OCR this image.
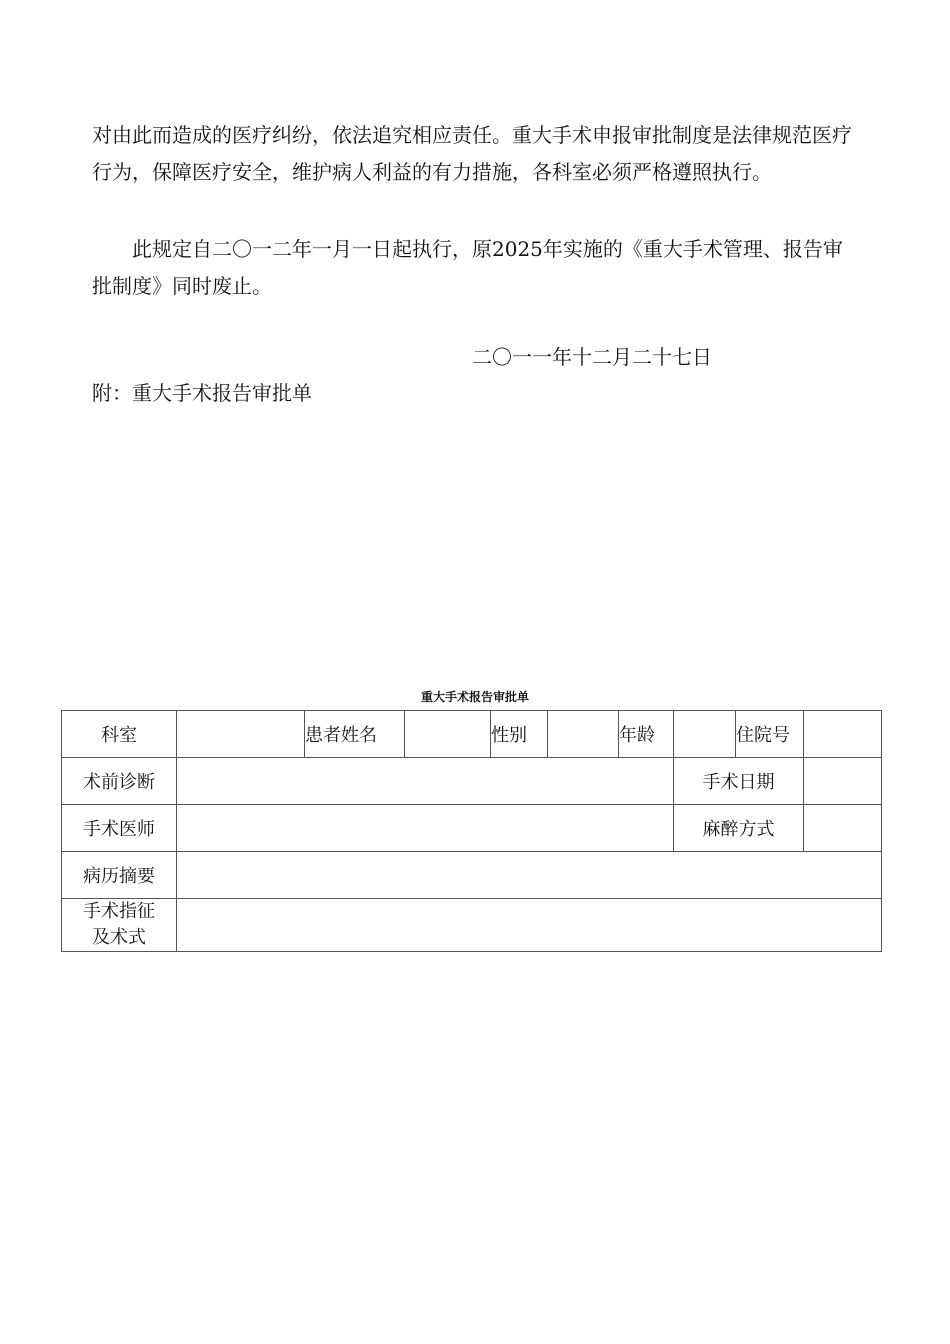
对由此而造成的医疗纠纷，依法追究相应责任。重大手术申报审批制度是法律规范医疗行为，保障医疗安全，维护病人利益的有力措施，各科室必须严格遵照执行。

　　此规定自二〇一二年一月一日起执行，原2025年实施的《重大手术管理、报告审批制度》同时废止。

二〇一一年十二月二十七日
附：重大手术报告审批单
重大手术报告审批单
科室		患者姓名		性别		年龄		住院号	
术前诊断							手术日期		
手术医师							麻醉方式		
病历摘要									

手术指征
及术式									
